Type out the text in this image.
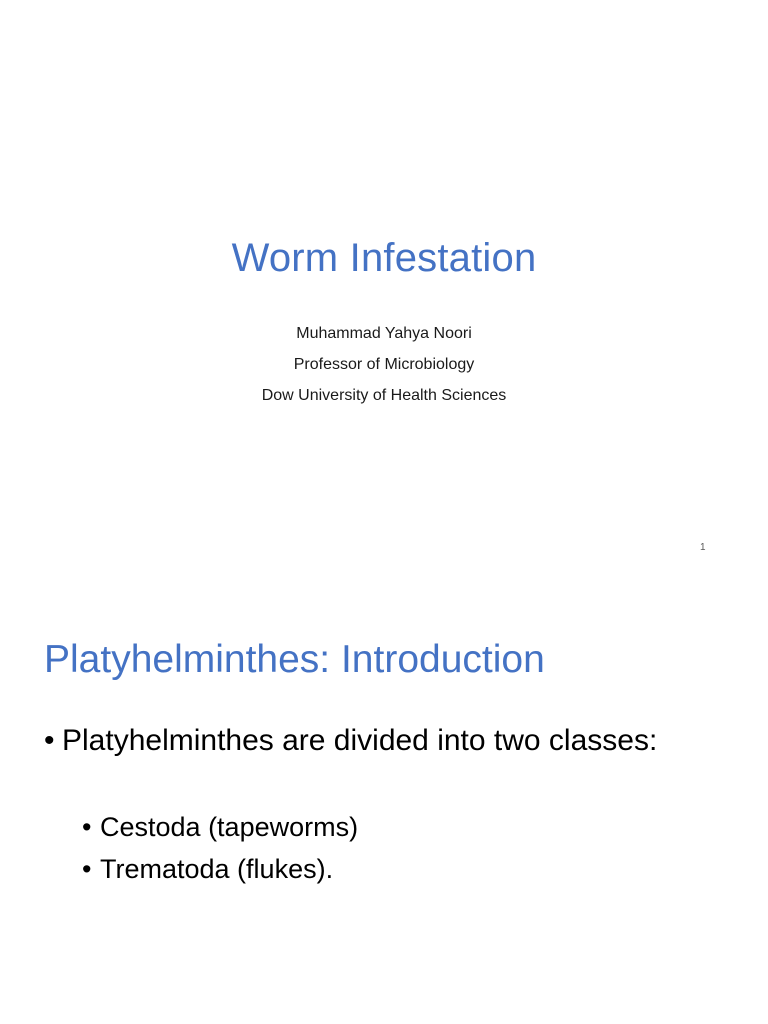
Worm Infestation
Muhammad Yahya Noori
Professor of Microbiology
Dow University of Health Sciences
1
Platyhelminthes: Introduction
• Platyhelminthes are divided into two classes:
• Cestoda (tapeworms)
• Trematoda (flukes).
